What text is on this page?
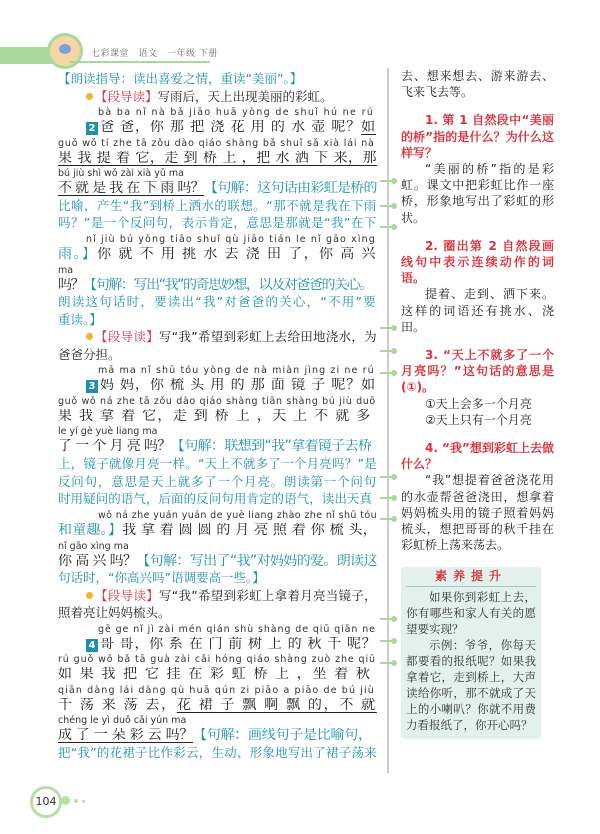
七彩课堂　语文　一年级 下册
【朗读指导：读出喜爱之情，重读“美丽”。】
【段导读】写雨后，天上出现美丽的彩虹。
bà ba nǐ nà bǎ jiāo huā yòng de shuǐ hú ne rú
2 爸 爸，你 那 把 浇 花 用 的 水 壶 呢？如
guǒ wǒ tí zhe tā zǒu dào qiáo shàng bǎ shuǐ sǎ xià lái nà
果 我 提 着 它，走 到 桥 上 ，把 水 洒 下 来，那
bú jiù shì wǒ zài xià yǔ ma
不 就 是 我 在 下 雨 吗？【句解：这句话由彩虹是桥的
比喻，产生“我”到桥上洒水的联想。“那不就是我在下雨
吗？”是一个反问句，表示肯定，意思是那就是“我”在下
nǐ jiù bú yòng tiāo shuǐ qù jiāo tián le nǐ gāo xìng
雨。】你 就 不 用 挑 水 去 浇 田 了，你 高 兴
ma
吗？【句解：写出“我”的奇思妙想，以及对爸爸的关心。
朗读这句话时，要读出“我”对爸爸的关心，“不用”要
重读。】
【段导读】写“我”希望到彩虹上去给田地浇水，为
爸爸分担。
mā ma nǐ shū tóu yòng de nà miàn jìng zi ne rú
3 妈 妈，你 梳 头 用 的 那 面 镜 子 呢？如
guǒ wǒ ná zhe tā zǒu dào qiáo shàng tiān shàng bú jiù duō
果 我 拿 着 它，走 到 桥 上 ，天 上 不 就 多
le yí gè yuè liang ma
了 一 个 月 亮 吗？【句解：联想到“我”拿着镜子去桥
上，镜子就像月亮一样。“天上不就多了一个月亮吗？”是
反问句，意思是天上就多了一个月亮。朗读第一个问句
时用疑问的语气，后面的反问句用肯定的语气，读出天真
wǒ ná zhe yuán yuán de yuè liang zhào zhe nǐ shū tóu
和童趣。】我 拿 着 圆 圆 的 月 亮 照 着 你 梳 头，
nǐ gāo xìng ma
你 高 兴 吗？【句解：写出了“我”对妈妈的爱。朗读这
句话时，“你高兴吗”语调要高一些。】
【段导读】写“我”希望到彩虹上拿着月亮当镜子，
照着亮让妈妈梳头。
gē ge nǐ jì zài mén qián shù shàng de qiū qiān ne
4 哥 哥，你 系 在 门 前 树 上 的 秋 千 呢？
rú guǒ wǒ bǎ tā guà zài cǎi hóng qiáo shàng zuò zhe qiū
如 果 我 把 它 挂 在 彩 虹 桥 上 ，坐 着 秋
qiān dàng lái dàng qù huā qún zi piāo a piāo de bú jiù
千 荡 来 荡 去，花 裙 子 飘 啊 飘 的，不 就
chéng le yì duǒ cǎi yún ma
成 了 一 朵 彩 云 吗？【句解：画线句子是比喻句，
把“我”的花裙子比作彩云，生动、形象地写出了裙子荡来

去、想来想去、游来游去、飞来飞去等。

1. 第 1 自然段中“美丽的桥”指的是什么？为什么这样写？

“美丽的桥”指的是彩虹。课文中把彩虹比作一座桥，形象地写出了彩虹的形状。

2. 圈出第 2 自然段画线句中表示连续动作的词语。

提着、走到、洒下来。这样的词语还有挑水、浇田。

3. “天上不就多了一个月亮吗？”这句话的意思是(①)。

①天上会多一个月亮

②天上只有一个月亮

4. “我”想到彩虹上去做什么？

“我”想提着爸爸浇花用的水壶帮爸爸浇田，想拿着妈妈梳头用的镜子照着妈妈梳头，想把哥哥的秋千挂在彩虹桥上荡来荡去。

素养提升

如果你到彩虹上去，你有哪些和家人有关的愿望要实现？

示例：爷爷，你每天都要看的报纸呢？如果我拿着它，走到桥上，大声读给你听，那不就成了天上的小喇叭？你就不用费力看报纸了，你开心吗？

104
